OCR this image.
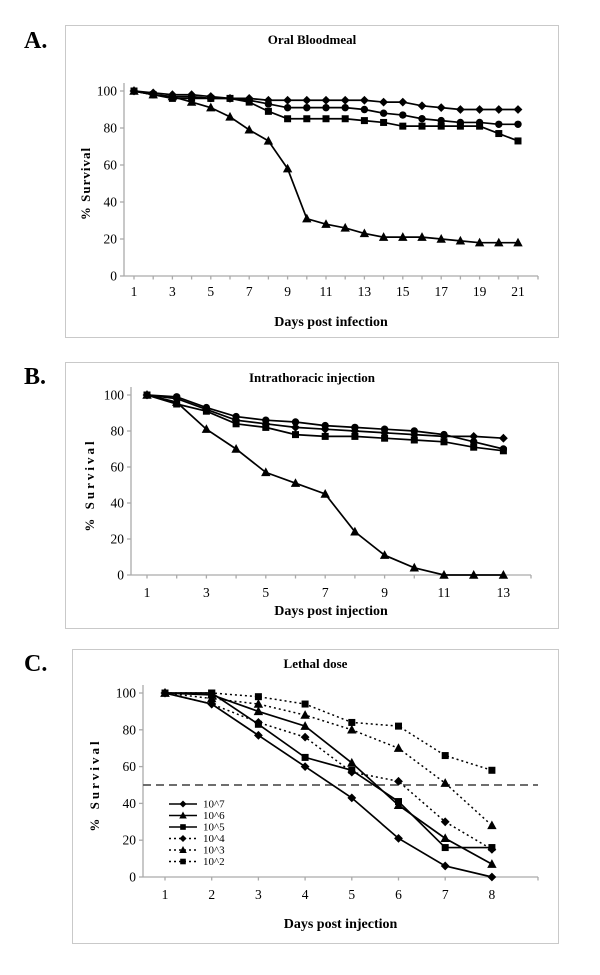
A.	Oral Bloodmeal
0
20
40
60
80
100
1 3 5 7 9 11 13 15 17 19 21
Days post infection
% Survival
B.	Intrathoracic injection
0
20
40
60
80
100
1	3	5	7	9	11	13
Days post injection
% Survival
C.	Lethal dose
0
20
40
60
80
100
1	2	3	4	5	6	7	8
Days post injection
% Survival	10^7
10^6
10^5
10^4
10^3
10^2
